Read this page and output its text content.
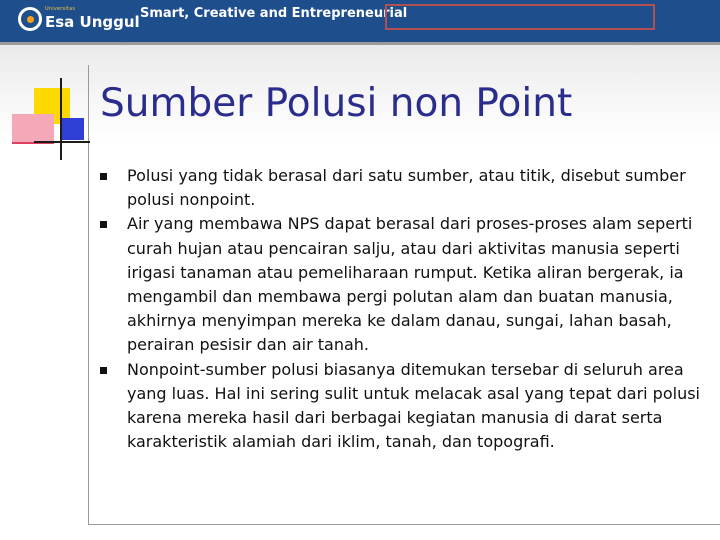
Universitas
Esa Unggul Smart, Creative and Entrepreneurial
Sumber Polusi non Point
Polusi yang tidak berasal dari satu sumber, atau titik, disebut sumber polusi nonpoint.
Air yang membawa NPS dapat berasal dari proses-proses alam seperti curah hujan atau pencairan salju, atau dari aktivitas manusia seperti irigasi tanaman atau pemeliharaan rumput. Ketika aliran bergerak, ia mengambil dan membawa pergi polutan alam dan buatan manusia, akhirnya menyimpan mereka ke dalam danau, sungai, lahan basah, perairan pesisir dan air tanah.
Nonpoint-sumber polusi biasanya ditemukan tersebar di seluruh area yang luas. Hal ini sering sulit untuk melacak asal yang tepat dari polusi karena mereka hasil dari berbagai kegiatan manusia di darat serta karakteristik alamiah dari iklim, tanah, dan topografi.
